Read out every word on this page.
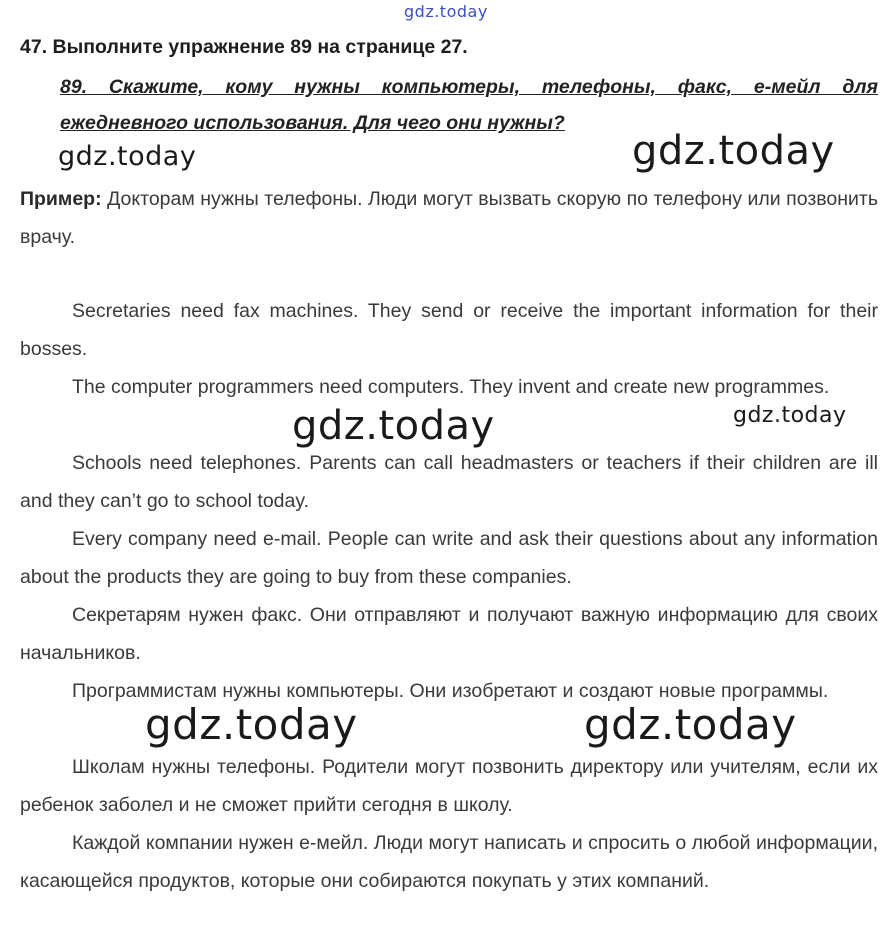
gdz.today
47. Выполните упражнение 89 на странице 27.
89. Скажите, кому нужны компьютеры, телефоны, факс, е-мейл для ежедневного использования. Для чего они нужны?
gdz.today	gdz.today
Пример: Докторам нужны телефоны. Люди могут вызвать скорую по телефону или позвонить врачу.
Secretaries need fax machines. They send or receive the important information for their bosses.
The computer programmers need computers. They invent and create new programmes.
Schools need telephones. Parents can call headmasters or teachers if their children are ill and they can’t go to school today.
Every company need e-mail. People can write and ask their questions about any information about the products they are going to buy from these companies.
Секретарям нужен факс. Они отправляют и получают важную информацию для своих начальников.
Программистам нужны компьютеры. Они изобретают и создают новые программы.
Школам нужны телефоны. Родители могут позвонить директору или учителям, если их ребенок заболел и не сможет прийти сегодня в школу.
Каждой компании нужен е-мейл. Люди могут написать и спросить о любой информации, касающейся продуктов, которые они собираются покупать у этих компаний.
gdz.today	gdz.today
gdz.today	gdz.today
